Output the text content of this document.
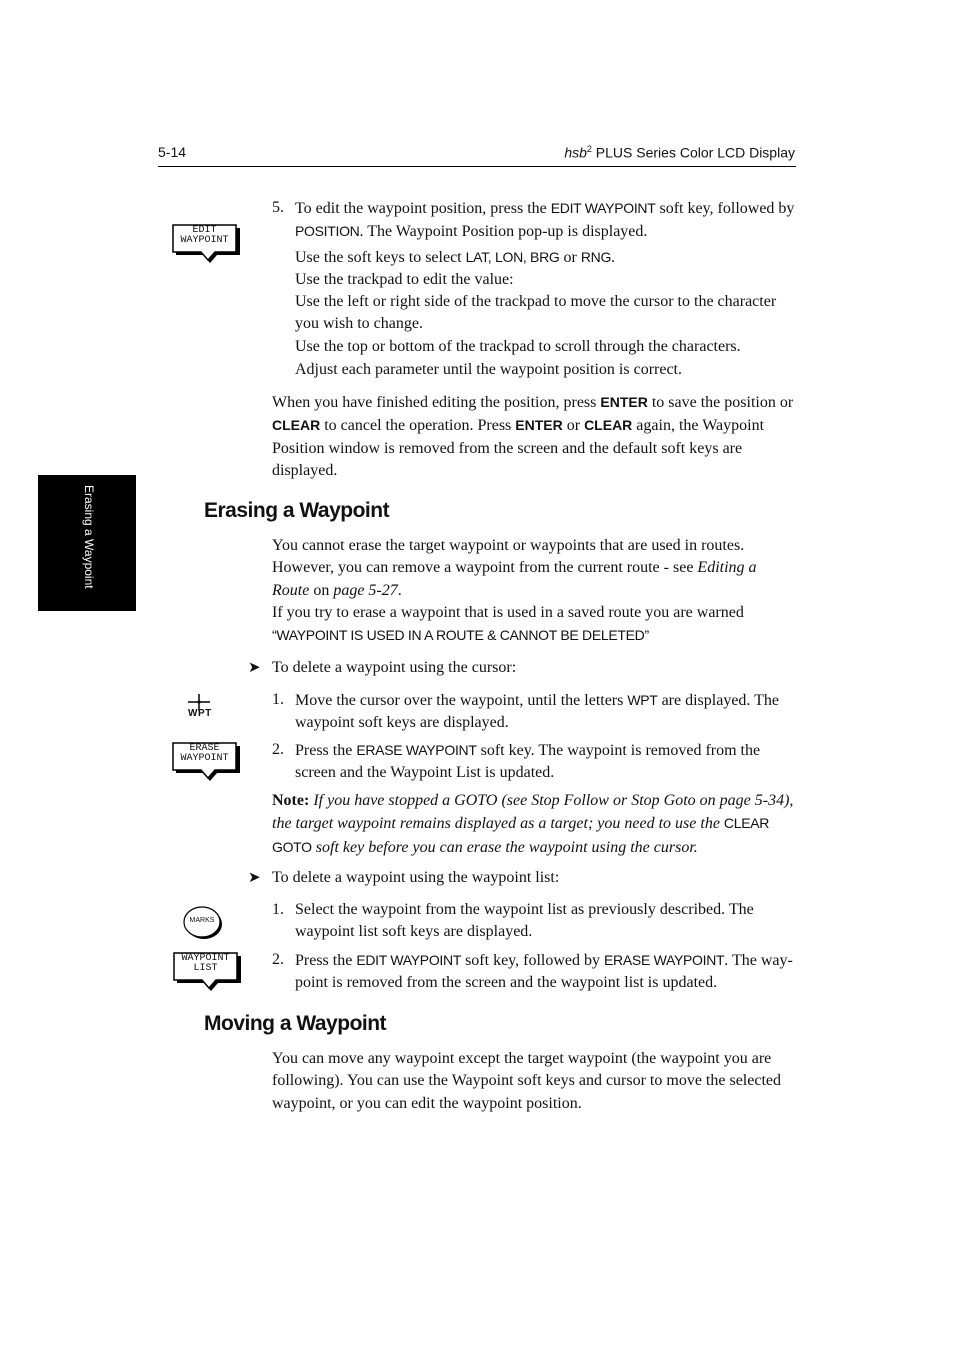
5-14	hsb$^2$ PLUS Series Color LCD Display
Erasing a Waypoint
EDIT
WAYPOINT
WPT
ERASE
WAYPOINT
MARKS
WAYPOINT
LIST
5. To edit the waypoint position, press the EDIT WAYPOINT soft key, followed by POSITION. The Waypoint Position pop-up is displayed.
Use the soft keys to select LAT, LON, BRG or RNG.
Use the trackpad to edit the value:
Use the left or right side of the trackpad to move the cursor to the character you wish to change.
Use the top or bottom of the trackpad to scroll through the characters.
Adjust each parameter until the waypoint position is correct.
When you have finished editing the position, press ENTER to save the position or CLEAR to cancel the operation. Press ENTER or CLEAR again, the Waypoint Position window is removed from the screen and the default soft keys are displayed.
Erasing a Waypoint
You cannot erase the target waypoint or waypoints that are used in routes. However, you can remove a waypoint from the current route - see Editing a Route on page 5-27.
If you try to erase a waypoint that is used in a saved route you are warned “WAYPOINT IS USED IN A ROUTE & CANNOT BE DELETED”
➤ To delete a waypoint using the cursor:
1. Move the cursor over the waypoint, until the letters WPT are displayed. The waypoint soft keys are displayed.
2. Press the ERASE WAYPOINT soft key. The waypoint is removed from the screen and the Waypoint List is updated.
Note: If you have stopped a GOTO (see Stop Follow or Stop Goto on page 5-34), the target waypoint remains displayed as a target; you need to use the CLEAR GOTO soft key before you can erase the waypoint using the cursor.
➤ To delete a waypoint using the waypoint list:
1. Select the waypoint from the waypoint list as previously described. The waypoint list soft keys are displayed.
2. Press the EDIT WAYPOINT soft key, followed by ERASE WAYPOINT. The way-point is removed from the screen and the waypoint list is updated.
Moving a Waypoint
You can move any waypoint except the target waypoint (the waypoint you are following). You can use the Waypoint soft keys and cursor to move the selected waypoint, or you can edit the waypoint position.
